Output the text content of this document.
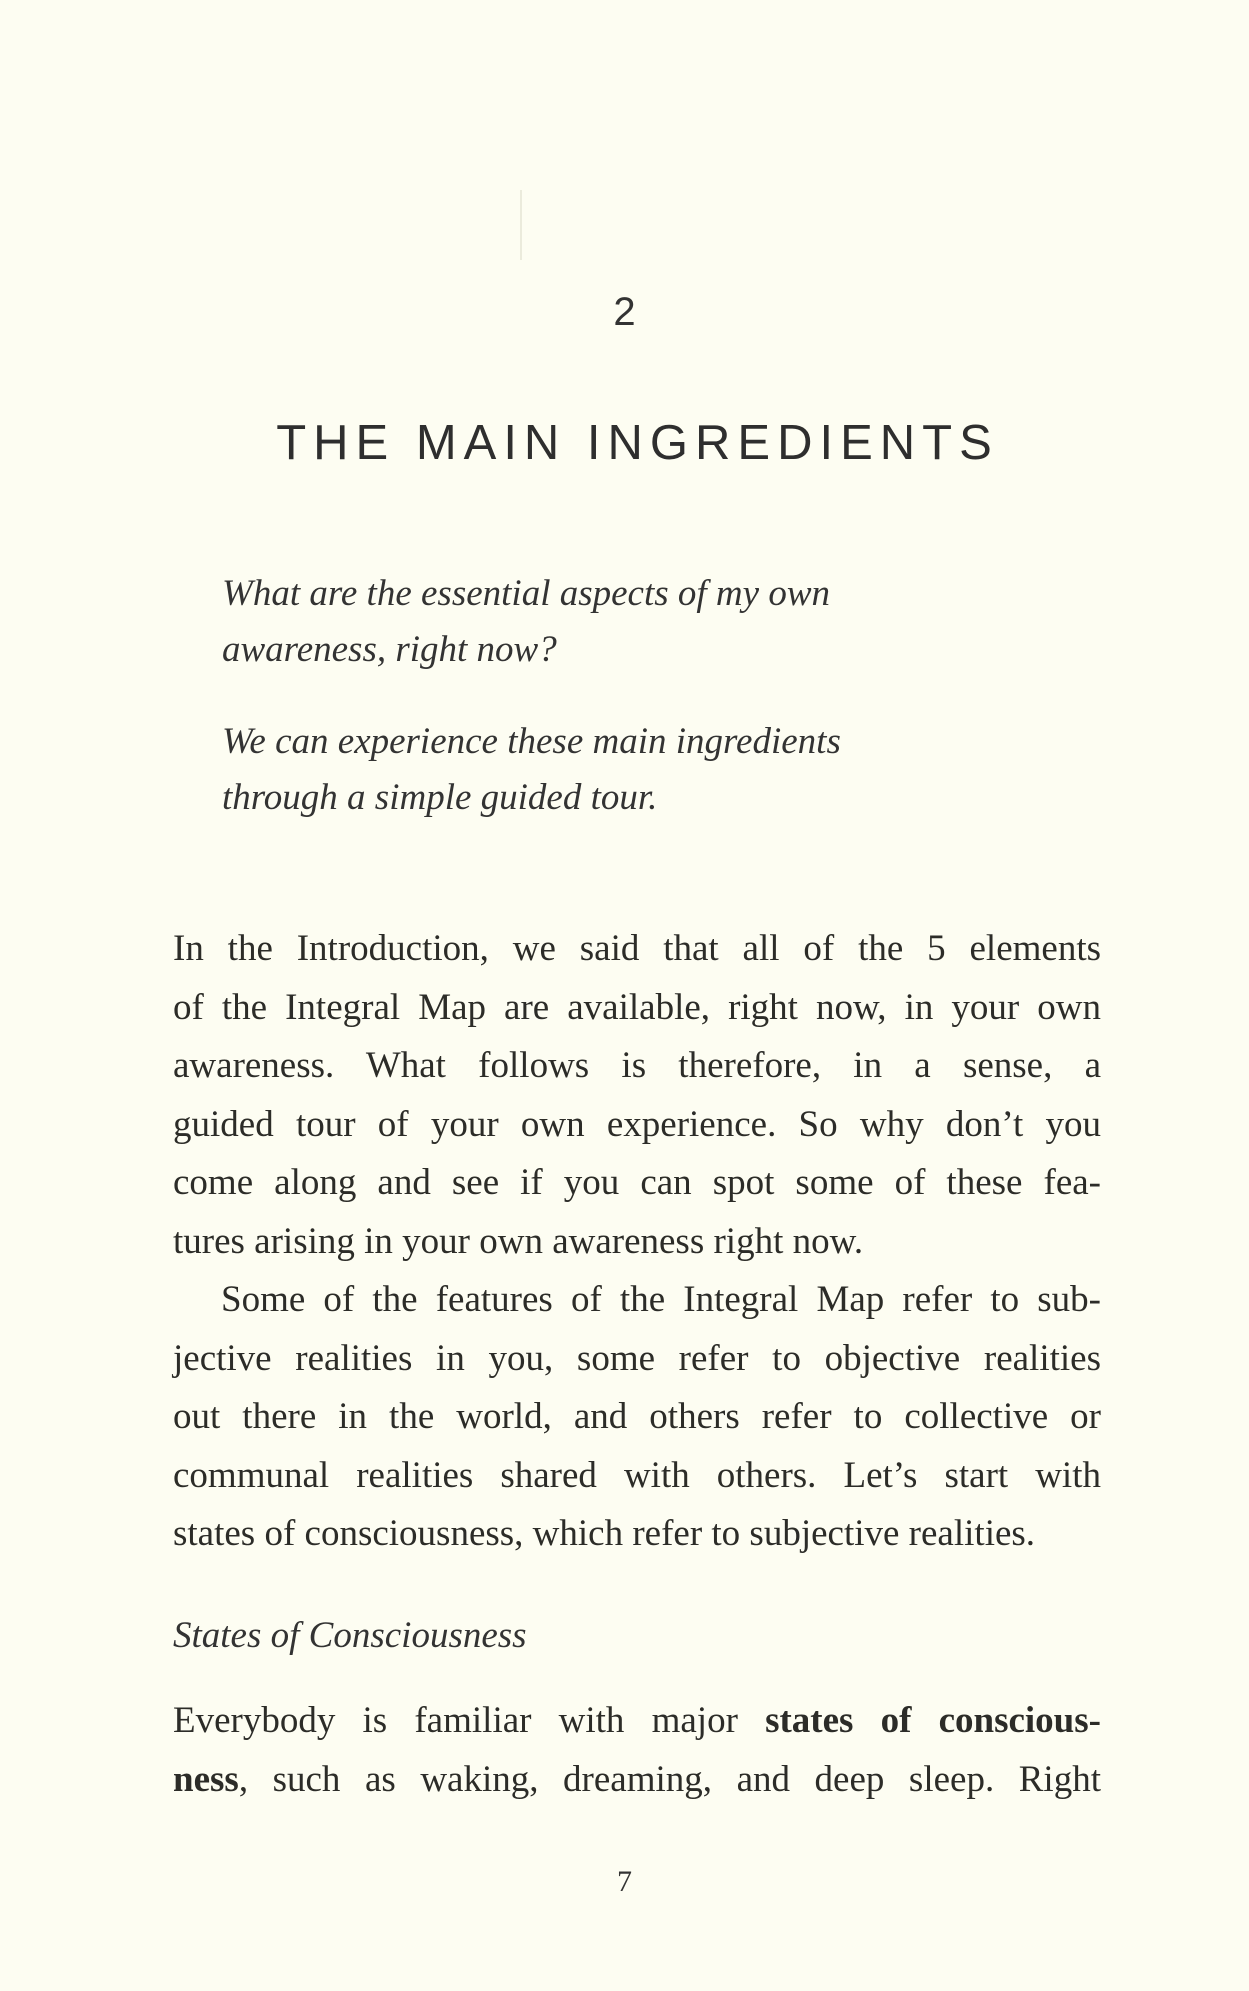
2
THE MAIN INGREDIENTS
What are the essential aspects of my own
awareness, right now?
We can experience these main ingredients
through a simple guided tour.
In the Introduction, we said that all of the 5 elements
of the Integral Map are available, right now, in your own
awareness. What follows is therefore, in a sense, a
guided tour of your own experience. So why don’t you
come along and see if you can spot some of these fea-
tures arising in your own awareness right now.
Some of the features of the Integral Map refer to sub-
jective realities in you, some refer to objective realities
out there in the world, and others refer to collective or
communal realities shared with others. Let’s start with
states of consciousness, which refer to subjective realities.
States of Consciousness
Everybody is familiar with major states of conscious-
ness, such as waking, dreaming, and deep sleep. Right
7
